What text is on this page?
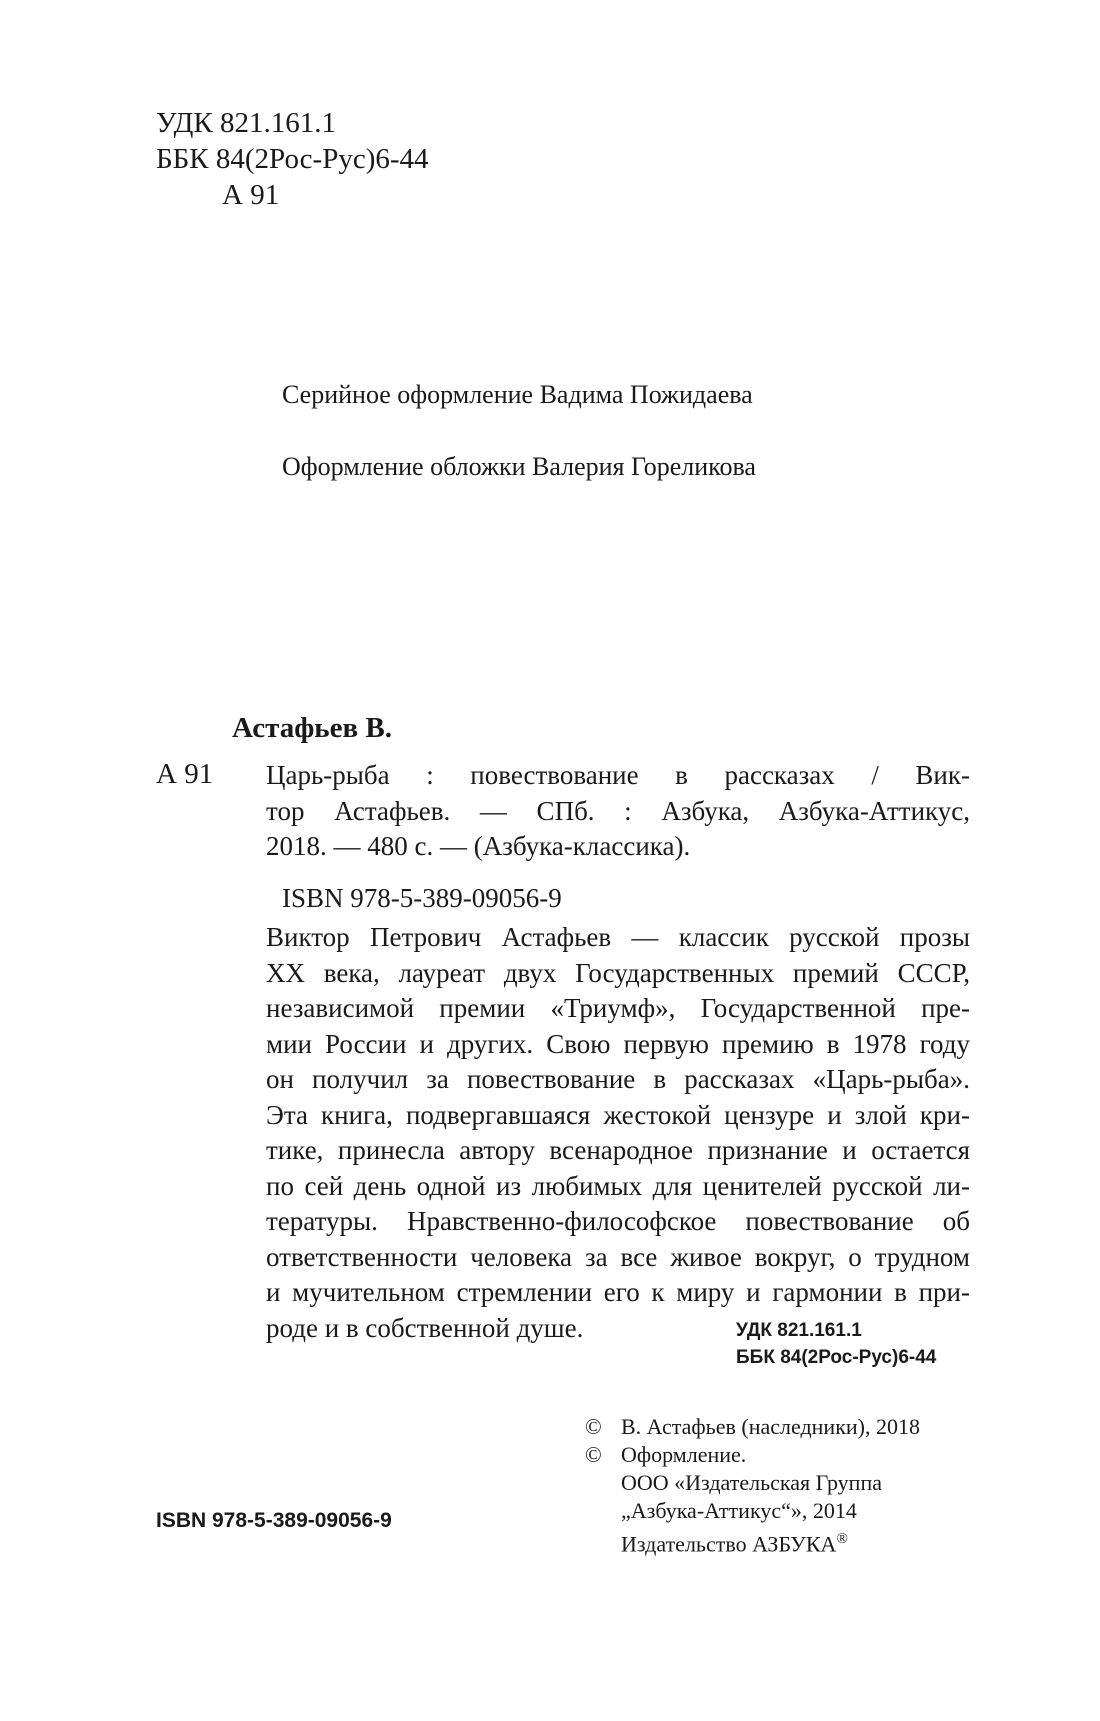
УДК 821.161.1
ББК 84(2Рос-Рус)6-44
А 91
Серийное оформление Вадима Пожидаева
Оформление обложки Валерия Гореликова
Астафьев В.
А 91 Царь-рыба : повествование в рассказах / Вик-
тор Астафьев. — СПб. : Азбука, Азбука-Аттикус,
2018. — 480 с. — (Азбука-классика).
ISBN 978-5-389-09056-9
Виктор Петрович Астафьев — классик русской прозы
XX века, лауреат двух Государственных премий СССР,
независимой премии «Триумф», Государственной пре-
мии России и других. Свою первую премию в 1978 году
он получил за повествование в рассказах «Царь-рыба».
Эта книга, подвергавшаяся жестокой цензуре и злой кри-
тике, принесла автору всенародное признание и остается
по сей день одной из любимых для ценителей русской ли-
тературы. Нравственно-философское повествование об
ответственности человека за все живое вокруг, о трудном
и мучительном стремлении его к миру и гармонии в при-
роде и в собственной душе.	УДК 821.161.1
ББК 84(2Рос-Рус)6-44
© В. Астафьев (наследники), 2018
© Оформление.
ООО «Издательская Группа
„Азбука-Аттикус“», 2014
Издательство АЗБУКА®
ISBN 978-5-389-09056-9
